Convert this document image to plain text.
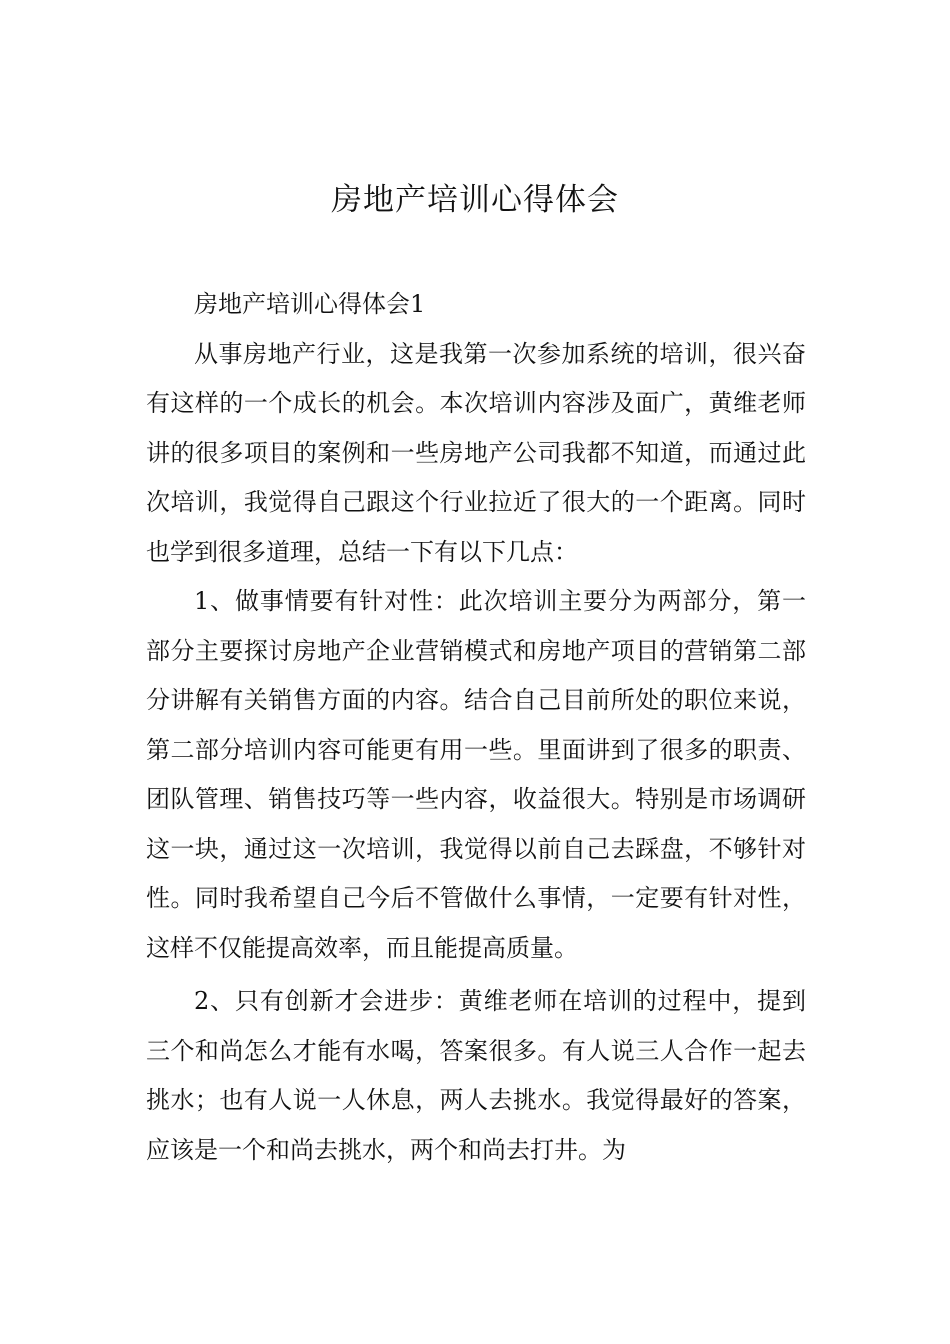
房地产培训心得体会

房地产培训心得体会1

从事房地产行业，这是我第一次参加系统的培训，很兴奋有这样的一个成长的机会。本次培训内容涉及面广，黄维老师讲的很多项目的案例和一些房地产公司我都不知道，而通过此次培训，我觉得自己跟这个行业拉近了很大的一个距离。同时也学到很多道理，总结一下有以下几点：

1、做事情要有针对性：此次培训主要分为两部分，第一部分主要探讨房地产企业营销模式和房地产项目的营销第二部分讲解有关销售方面的内容。结合自己目前所处的职位来说，第二部分培训内容可能更有用一些。里面讲到了很多的职责、团队管理、销售技巧等一些内容，收益很大。特别是市场调研这一块，通过这一次培训，我觉得以前自己去踩盘，不够针对性。同时我希望自己今后不管做什么事情，一定要有针对性，这样不仅能提高效率，而且能提高质量。

2、只有创新才会进步：黄维老师在培训的过程中，提到三个和尚怎么才能有水喝，答案很多。有人说三人合作一起去挑水；也有人说一人休息，两人去挑水。我觉得最好的答案，应该是一个和尚去挑水，两个和尚去打井。为
